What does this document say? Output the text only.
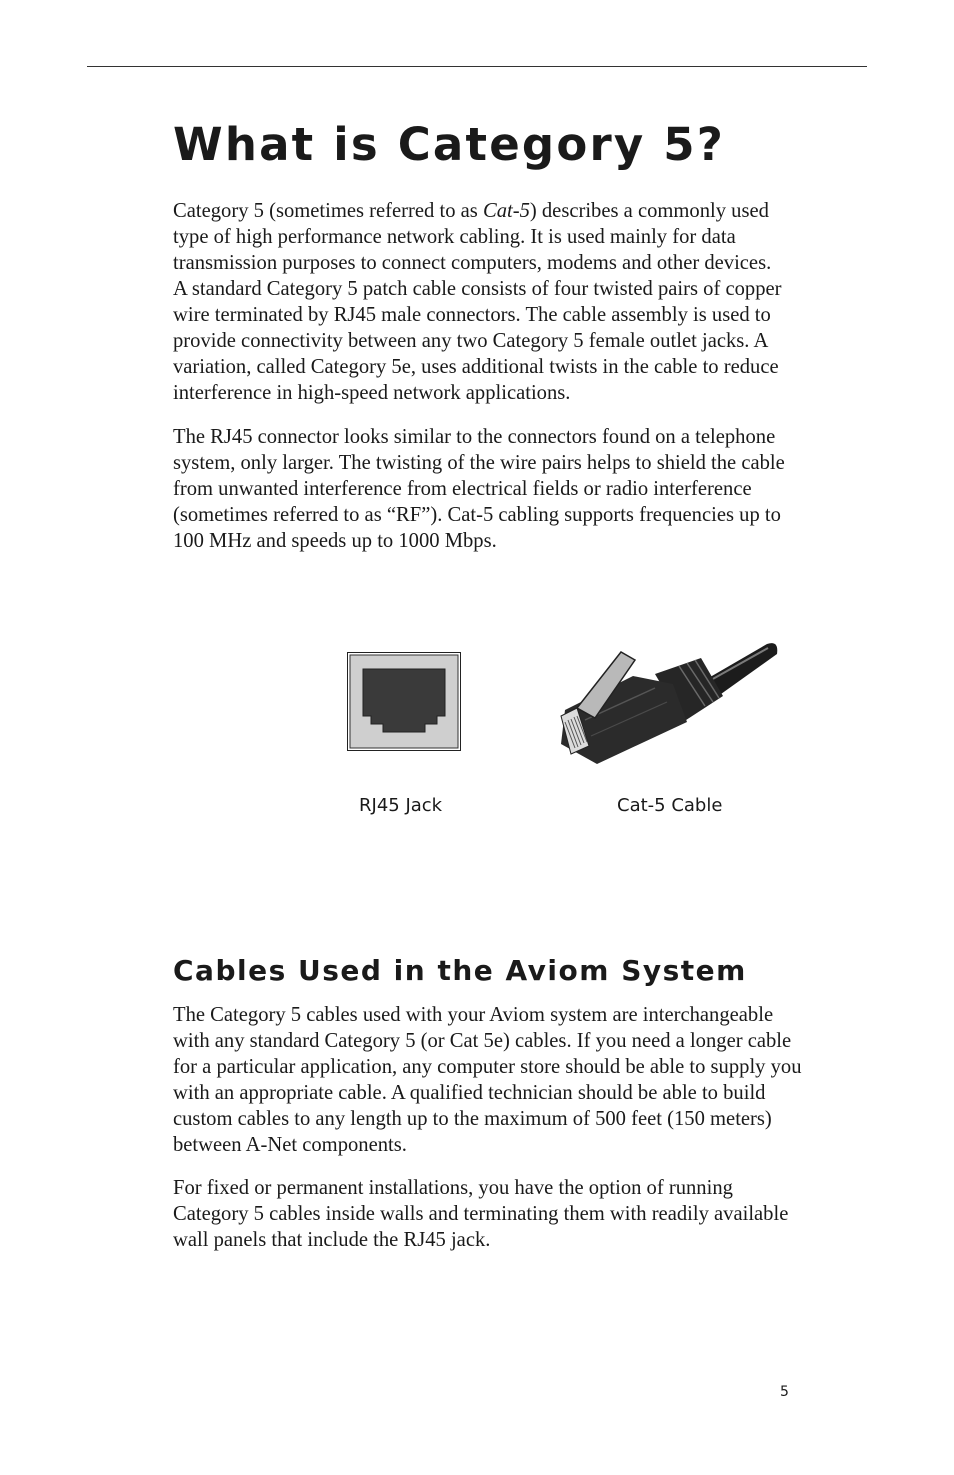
What is Category 5?
Category 5 (sometimes referred to as Cat-5) describes a commonly used
type of high performance network cabling. It is used mainly for data
transmission purposes to connect computers, modems and other devices.
A standard Category 5 patch cable consists of four twisted pairs of copper
wire terminated by RJ45 male connectors. The cable assembly is used to
provide connectivity between any two Category 5 female outlet jacks. A
variation, called Category 5e, uses additional twists in the cable to reduce
interference in high-speed network applications.
The RJ45 connector looks similar to the connectors found on a telephone
system, only larger. The twisting of the wire pairs helps to shield the cable
from unwanted interference from electrical fields or radio interference
(sometimes referred to as “RF”). Cat-5 cabling supports frequencies up to
100 MHz and speeds up to 1000 Mbps.
RJ45 Jack	Cat-5 Cable
Cables Used in the Aviom System
The Category 5 cables used with your Aviom system are interchangeable
with any standard Category 5 (or Cat 5e) cables. If you need a longer cable
for a particular application, any computer store should be able to supply you
with an appropriate cable. A qualified technician should be able to build
custom cables to any length up to the maximum of 500 feet (150 meters)
between A-Net components.
For fixed or permanent installations, you have the option of running
Category 5 cables inside walls and terminating them with readily available
wall panels that include the RJ45 jack.
5
